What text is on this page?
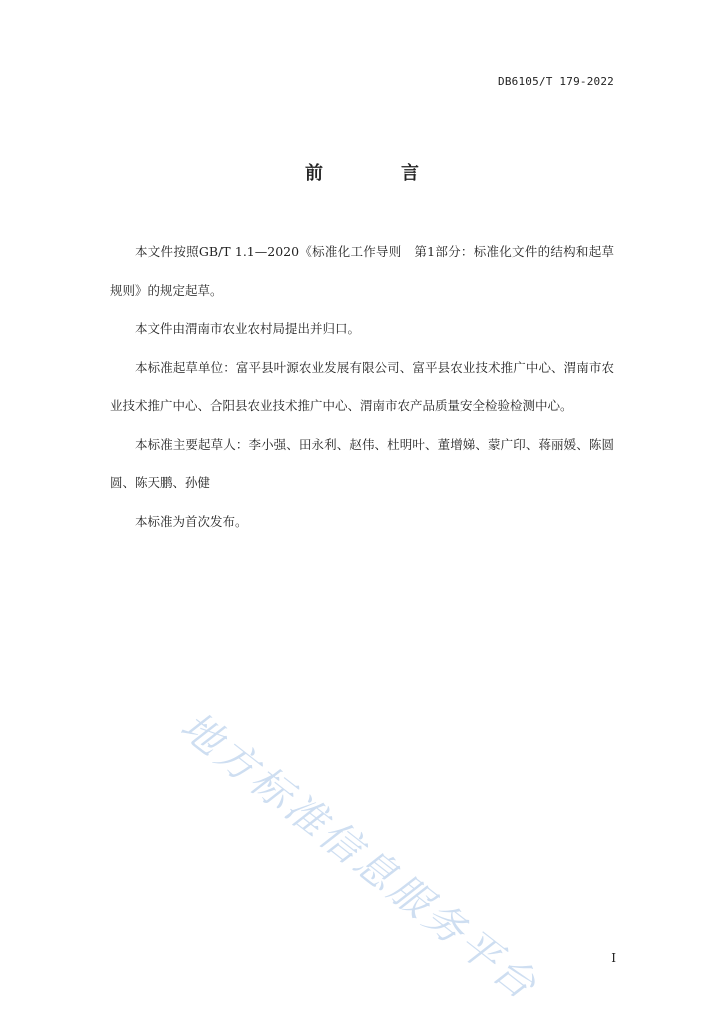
DB6105/T 179-2022
前　言

本文件按照GB/T 1.1—2020《标准化工作导则　第1部分：标准化文件的结构和起草规则》的规定起草。

本文件由渭南市农业农村局提出并归口。

本标准起草单位：富平县叶源农业发展有限公司、富平县农业技术推广中心、渭南市农业技术推广中心、合阳县农业技术推广中心、渭南市农产品质量安全检验检测中心。

本标准主要起草人：李小强、田永利、赵伟、杜明叶、董增娣、蒙广印、蒋丽媛、陈圆圆、陈天鹏、孙健

本标准为首次发布。

地方标准信息服务平台	I
